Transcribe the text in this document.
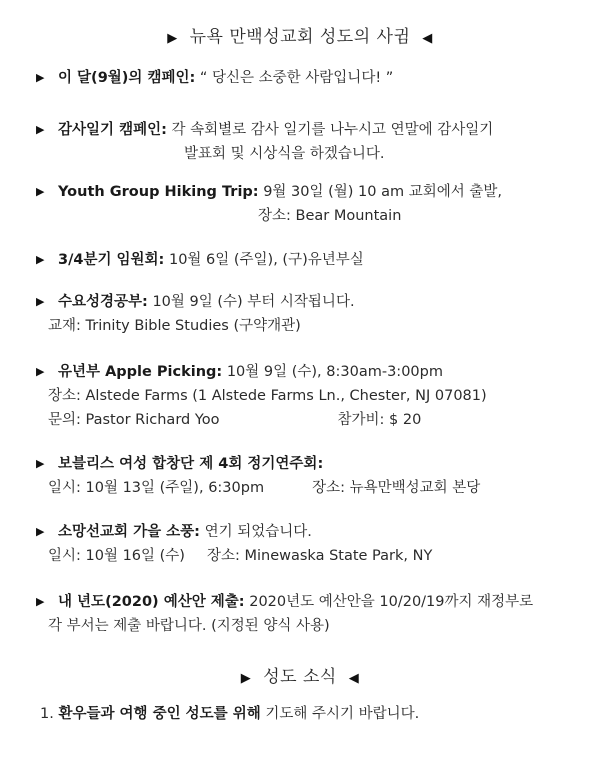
▶ 뉴욕 만백성교회 성도의 사귐 ◀
▶ 이 달(9월)의 캠페인: “ 당신은 소중한 사람입니다! ”
▶ 감사일기 캠페인: 각 속회별로 감사 일기를 나누시고 연말에 감사일기
발표회 및 시상식을 하겠습니다.
▶ Youth Group Hiking Trip: 9월 30일 (월) 10 am 교회에서 출발,
장소: Bear Mountain
▶ 3/4분기 임원회: 10월 6일 (주일), (구)유년부실
▶ 수요성경공부: 10월 9일 (수) 부터 시작됩니다.
교재: Trinity Bible Studies (구약개관)
▶ 유년부 Apple Picking: 10월 9일 (수), 8:30am-3:00pm
장소: Alstede Farms (1 Alstede Farms Ln., Chester, NJ 07081)
문의: Pastor Richard Yoo	참가비: $ 20
▶ 보블리스 여성 합창단 제 4회 정기연주회:
일시: 10월 13일 (주일), 6:30pm	장소: 뉴욕만백성교회 본당
▶ 소망선교회 가을 소풍: 연기 되었습니다.
일시: 10월 16일 (수) 장소: Minewaska State Park, NY
▶ 내 년도(2020) 예산안 제출: 2020년도 예산안을 10/20/19까지 재정부로
각 부서는 제출 바랍니다. (지정된 양식 사용)
▶ 성도 소식 ◀
1. 환우들과 여행 중인 성도를 위해 기도해 주시기 바랍니다.
